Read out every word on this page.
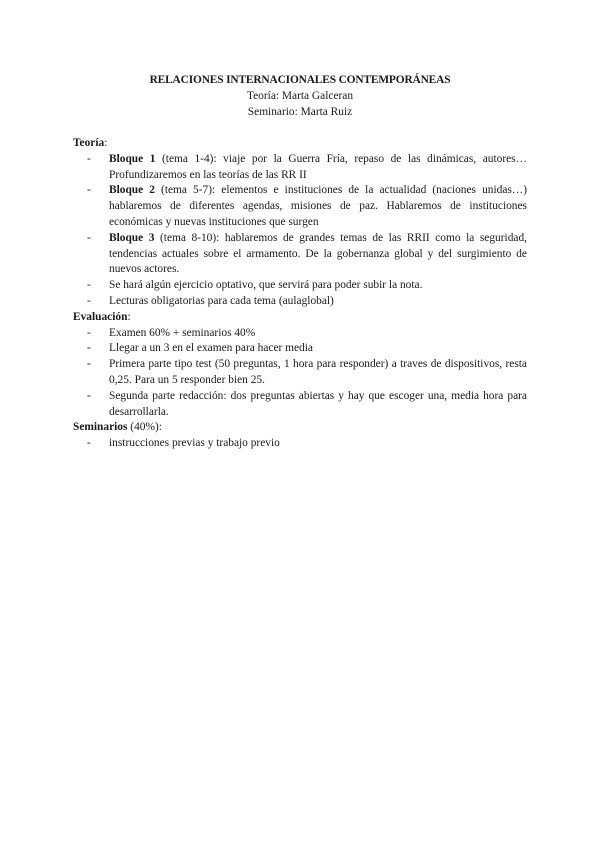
RELACIONES INTERNACIONALES CONTEMPORÁNEAS
Teoría: Marta Galceran
Seminario: Marta Ruiz
Teoría:
- Bloque 1 (tema 1-4): viaje por la Guerra Fría, repaso de las dinámicas, autores… Profundizaremos en las teorías de las RR II
- Bloque 2 (tema 5-7): elementos e instituciones de la actualidad (naciones unidas…) hablaremos de diferentes agendas, misiones de paz. Hablaremos de instituciones económicas y nuevas instituciones que surgen
- Bloque 3 (tema 8-10): hablaremos de grandes temas de las RRII como la seguridad, tendencias actuales sobre el armamento. De la gobernanza global y del surgimiento de nuevos actores.
- Se hará algún ejercicio optativo, que servirá para poder subir la nota.
- Lecturas obligatorias para cada tema (aulaglobal)
Evaluación:
- Examen 60% + seminarios 40%
- Llegar a un 3 en el examen para hacer media
- Primera parte tipo test (50 preguntas, 1 hora para responder) a traves de dispositivos, resta 0,25. Para un 5 responder bien 25.
- Segunda parte redacción: dos preguntas abiertas y hay que escoger una, media hora para desarrollarla.
Seminarios (40%):
- instrucciones previas y trabajo previo
